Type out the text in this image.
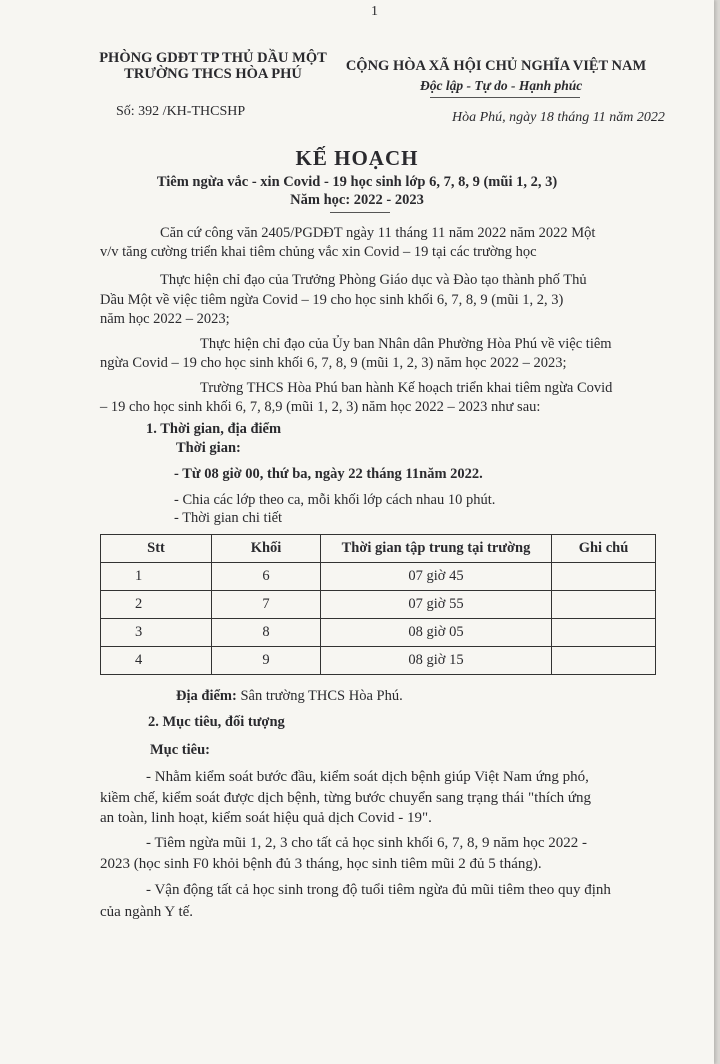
1
PHÒNG GDĐT TP THỦ DẦU MỘT
TRƯỜNG THCS HÒA PHÚ	CỘNG HÒA XÃ HỘI CHỦ NGHĨA VIỆT NAM
Độc lập - Tự do - Hạnh phúc
Số: 392 /KH-THCSHP	Hòa Phú, ngày 18 tháng 11 năm 2022
KẾ HOẠCH
Tiêm ngừa vắc - xin Covid - 19 học sinh lớp 6, 7, 8, 9 (mũi 1, 2, 3)
Năm học: 2022 - 2023
Căn cứ công văn 2405/PGDĐT ngày 11 tháng 11 năm 2022 năm 2022 Một
v/v tăng cường triển khai tiêm chủng vắc xin Covid – 19 tại các trường học
Thực hiện chỉ đạo của Trưởng Phòng Giáo dục và Đào tạo thành phố Thủ
Dầu Một về việc tiêm ngừa Covid – 19 cho học sinh khối 6, 7, 8, 9 (mũi 1, 2, 3)
năm học 2022 – 2023;
Thực hiện chỉ đạo của Ủy ban Nhân dân Phường Hòa Phú về việc tiêm
ngừa Covid – 19 cho học sinh khối 6, 7, 8, 9 (mũi 1, 2, 3) năm học 2022 – 2023;
Trường THCS Hòa Phú ban hành Kế hoạch triển khai tiêm ngừa Covid
– 19 cho học sinh khối 6, 7, 8,9 (mũi 1, 2, 3) năm học 2022 – 2023 như sau:
1. Thời gian, địa điểm
Thời gian:
- Từ 08 giờ 00, thứ ba, ngày 22 tháng 11năm 2022.
- Chia các lớp theo ca, mỗi khối lớp cách nhau 10 phút.
- Thời gian chi tiết
Stt	Khối	Thời gian tập trung tại trường	Ghi chú
1	6	07 giờ 45	
2	7	07 giờ 55	
3	8	08 giờ 05	
4	9	08 giờ 15	
Địa điểm: Sân trường THCS Hòa Phú.
2. Mục tiêu, đối tượng
Mục tiêu:
- Nhằm kiểm soát bước đầu, kiểm soát dịch bệnh giúp Việt Nam ứng phó,
kiềm chế, kiểm soát được dịch bệnh, từng bước chuyển sang trạng thái "thích ứng
an toàn, linh hoạt, kiểm soát hiệu quả dịch Covid - 19".
- Tiêm ngừa mũi 1, 2, 3 cho tất cả học sinh khối 6, 7, 8, 9 năm học 2022 -
2023 (học sinh F0 khỏi bệnh đủ 3 tháng, học sinh tiêm mũi 2 đủ 5 tháng).
- Vận động tất cả học sinh trong độ tuổi tiêm ngừa đủ mũi tiêm theo quy định
của ngành Y tế.
